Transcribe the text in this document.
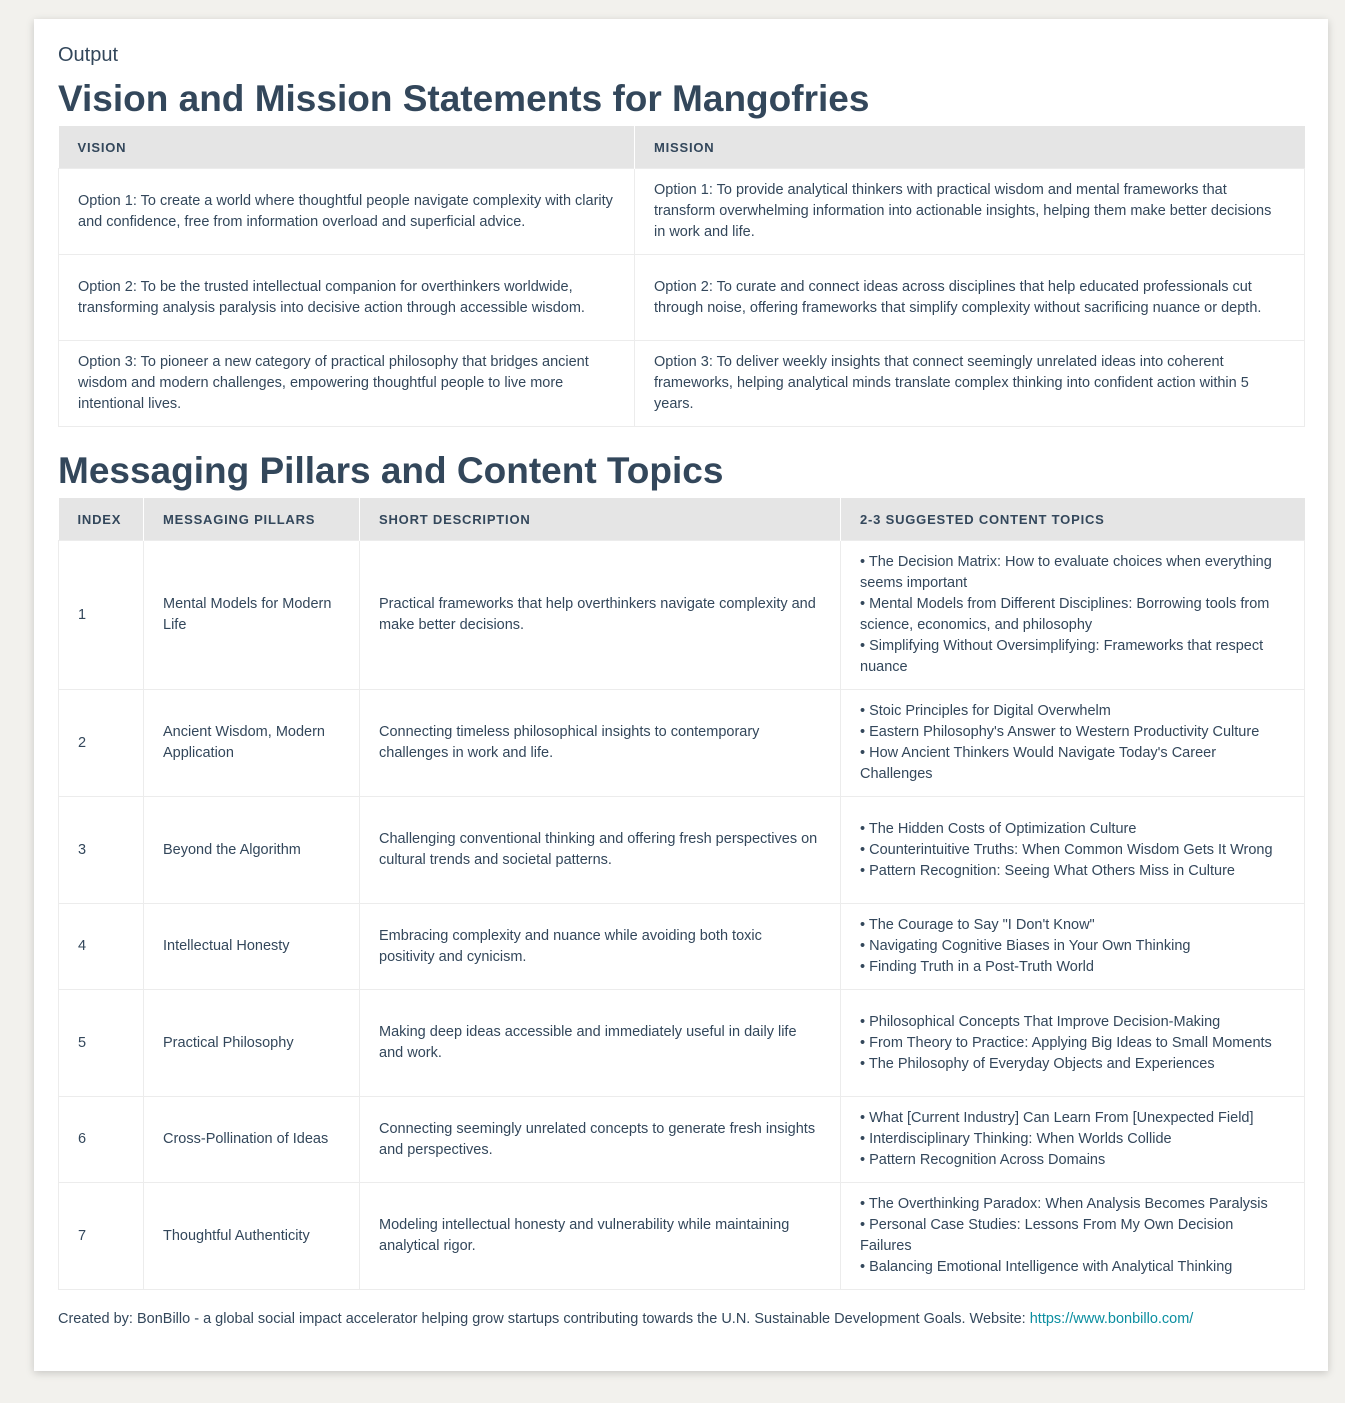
Output
Vision and Mission Statements for Mangofries
VISION	MISSION
Option 1: To create a world where thoughtful people navigate complexity with clarity and confidence, free from information overload and superficial advice.	Option 1: To provide analytical thinkers with practical wisdom and mental frameworks that transform overwhelming information into actionable insights, helping them make better decisions in work and life.
Option 2: To be the trusted intellectual companion for overthinkers worldwide, transforming analysis paralysis into decisive action through accessible wisdom.	Option 2: To curate and connect ideas across disciplines that help educated professionals cut through noise, offering frameworks that simplify complexity without sacrificing nuance or depth.
Option 3: To pioneer a new category of practical philosophy that bridges ancient wisdom and modern challenges, empowering thoughtful people to live more intentional lives.	Option 3: To deliver weekly insights that connect seemingly unrelated ideas into coherent frameworks, helping analytical minds translate complex thinking into confident action within 5 years.
Messaging Pillars and Content Topics
INDEX	MESSAGING PILLARS	SHORT DESCRIPTION	2-3 SUGGESTED CONTENT TOPICS
1	Mental Models for Modern Life	Practical frameworks that help overthinkers navigate complexity and make better decisions.	• The Decision Matrix: How to evaluate choices when everything seems important
• Mental Models from Different Disciplines: Borrowing tools from science, economics, and philosophy
• Simplifying Without Oversimplifying: Frameworks that respect nuance

2	Ancient Wisdom, Modern Application	Connecting timeless philosophical insights to contemporary challenges in work and life.	• Stoic Principles for Digital Overwhelm
• Eastern Philosophy's Answer to Western Productivity Culture
• How Ancient Thinkers Would Navigate Today's Career Challenges

3	Beyond the Algorithm	Challenging conventional thinking and offering fresh perspectives on cultural trends and societal patterns.	• The Hidden Costs of Optimization Culture
• Counterintuitive Truths: When Common Wisdom Gets It Wrong
• Pattern Recognition: Seeing What Others Miss in Culture

4	Intellectual Honesty	Embracing complexity and nuance while avoiding both toxic positivity and cynicism.	• The Courage to Say "I Don't Know"
• Navigating Cognitive Biases in Your Own Thinking
• Finding Truth in a Post-Truth World

5	Practical Philosophy	Making deep ideas accessible and immediately useful in daily life and work.	• Philosophical Concepts That Improve Decision-Making
• From Theory to Practice: Applying Big Ideas to Small Moments
• The Philosophy of Everyday Objects and Experiences

6	Cross-Pollination of Ideas	Connecting seemingly unrelated concepts to generate fresh insights and perspectives.	• What [Current Industry] Can Learn From [Unexpected Field]
• Interdisciplinary Thinking: When Worlds Collide
• Pattern Recognition Across Domains

7	Thoughtful Authenticity	Modeling intellectual honesty and vulnerability while maintaining analytical rigor.	• The Overthinking Paradox: When Analysis Becomes Paralysis
• Personal Case Studies: Lessons From My Own Decision Failures
• Balancing Emotional Intelligence with Analytical Thinking
Created by: BonBillo - a global social impact accelerator helping grow startups contributing towards the U.N. Sustainable Development Goals. Website: https://www.bonbillo.com/
